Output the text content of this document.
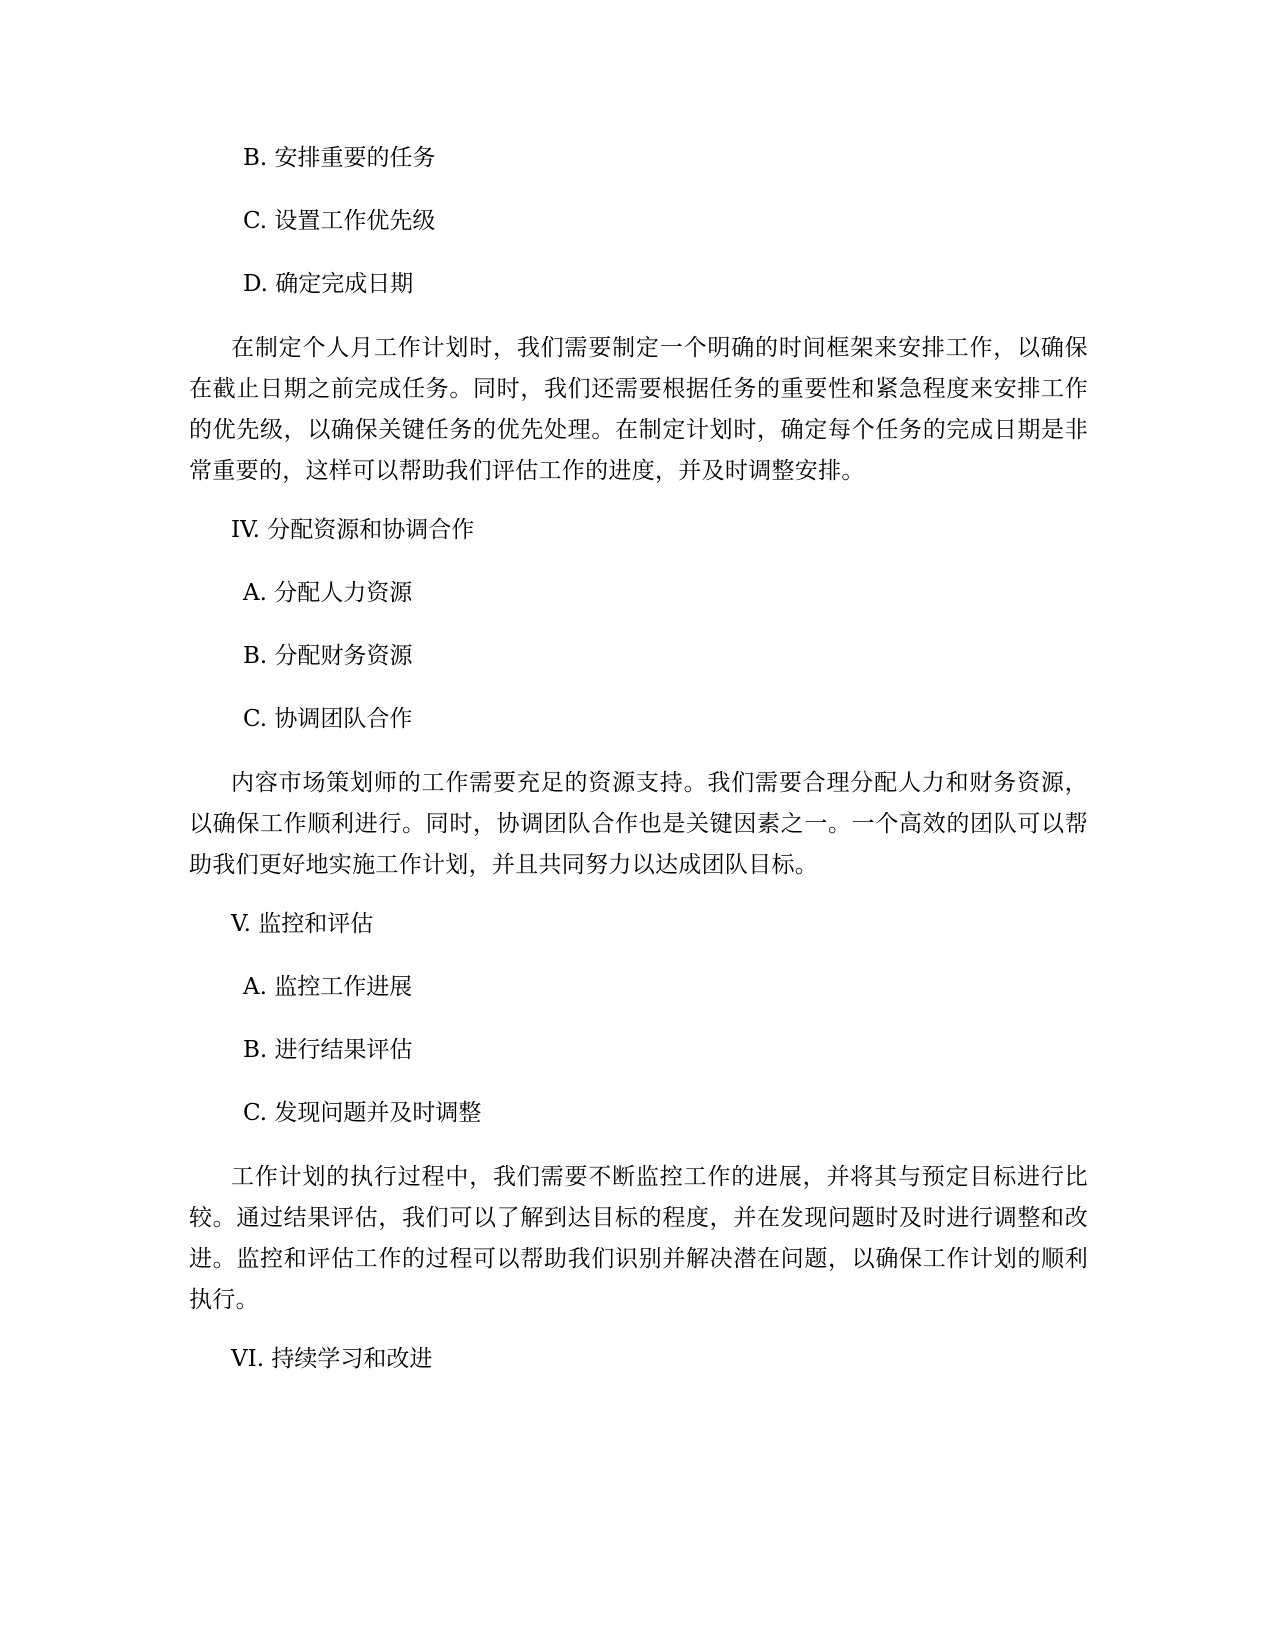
B. 安排重要的任务

C. 设置工作优先级

D. 确定完成日期

在制定个人月工作计划时，我们需要制定一个明确的时间框架来安排工作，以确保在截止日期之前完成任务。同时，我们还需要根据任务的重要性和紧急程度来安排工作的优先级，以确保关键任务的优先处理。在制定计划时，确定每个任务的完成日期是非常重要的，这样可以帮助我们评估工作的进度，并及时调整安排。

IV. 分配资源和协调合作

A. 分配人力资源

B. 分配财务资源

C. 协调团队合作

内容市场策划师的工作需要充足的资源支持。我们需要合理分配人力和财务资源，以确保工作顺利进行。同时，协调团队合作也是关键因素之一。一个高效的团队可以帮助我们更好地实施工作计划，并且共同努力以达成团队目标。

V. 监控和评估

A. 监控工作进展

B. 进行结果评估

C. 发现问题并及时调整

工作计划的执行过程中，我们需要不断监控工作的进展，并将其与预定目标进行比较。通过结果评估，我们可以了解到达目标的程度，并在发现问题时及时进行调整和改进。监控和评估工作的过程可以帮助我们识别并解决潜在问题，以确保工作计划的顺利执行。

VI. 持续学习和改进
